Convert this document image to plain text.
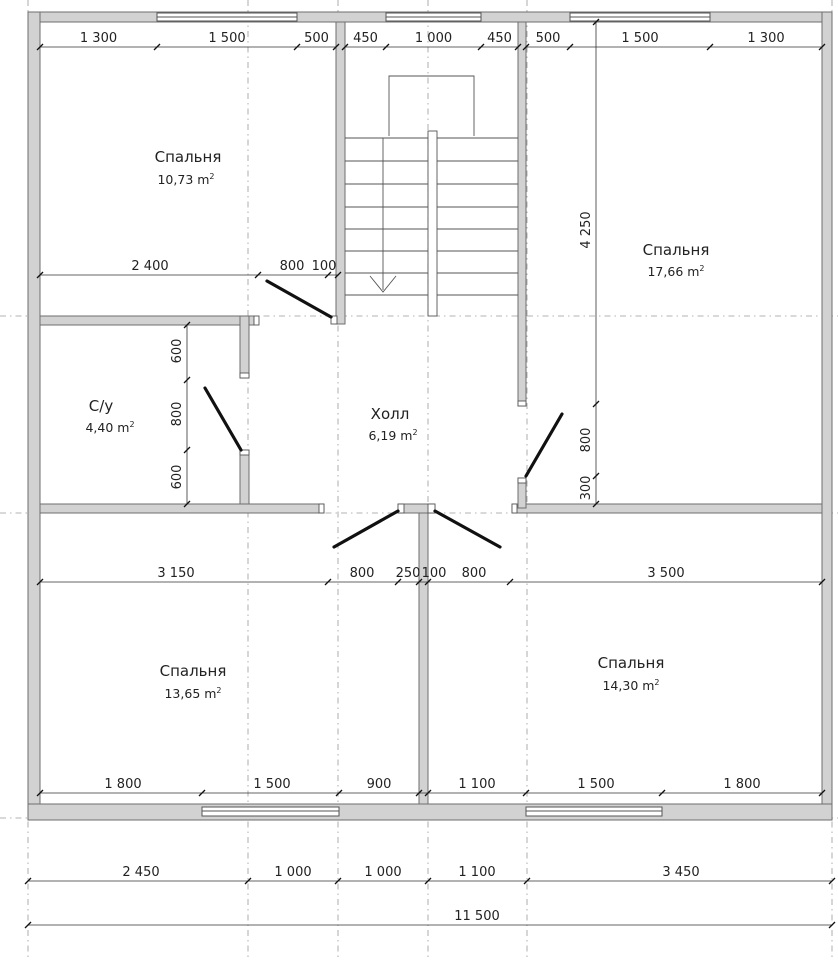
1 300	1 500	500 450	1 000	450 500	1 500	1 300
2 400	800 100
4 250
800
300
600
800
600
3 150	800 250 100 800	3 500
1 800	1 500	900	1 100	1 500	1 800
2 450	1 000	1 000	1 100	3 450
11 500
Спальня
10,73 $m^2$
Спальня
17,66 $m^2$
С/у
4,40 $m^2$
Холл
6,19 $m^2$
Спальня
13,65 $m^2$
Спальня
14,30 $m^2$
